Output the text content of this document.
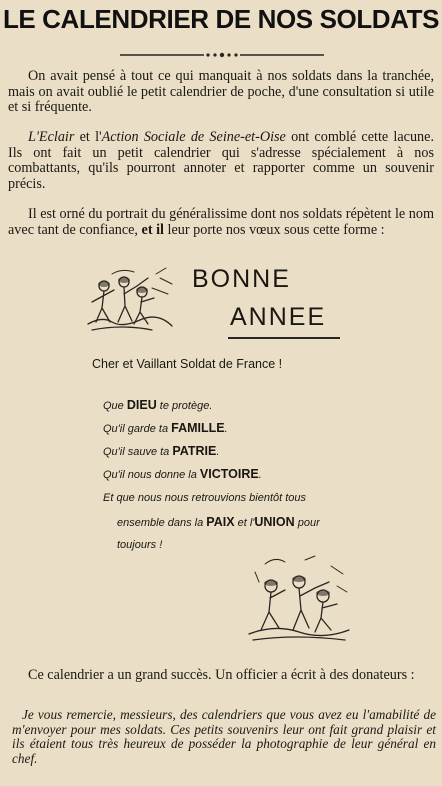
LE CALENDRIER DE NOS SOLDATS

On avait pensé à tout ce qui manquait à nos soldats dans la tranchée, mais on avait oublié le petit calendrier de poche, d'une consultation si utile et si fréquente.

L'Eclair et l'Action Sociale de Seine-et-Oise ont comblé cette lacune. Ils ont fait un petit calendrier qui s'adresse spécialement à nos combattants, qu'ils pourront annoter et rapporter comme un souvenir précis.

Il est orné du portrait du généralissime dont nos soldats répètent le nom avec tant de confiance, et il leur porte nos vœux sous cette forme :

BONNE
ANNEE
Cher et Vaillant Soldat de France !
Que DIEU te protège.
Qu'il garde ta FAMILLE.
Qu'il sauve ta PATRIE.
Qu'il nous donne la VICTOIRE.
Et que nous nous retrouvions bientôt tous
ensemble dans la PAIX et l'UNION pour
toujours !

Ce calendrier a un grand succès. Un officier a écrit à des donateurs :

Je vous remercie, messieurs, des calendriers que vous avez eu l'amabilité de m'envoyer pour mes soldats. Ces petits souvenirs leur ont fait grand plaisir et ils étaient tous très heureux de posséder la photographie de leur général en chef.
